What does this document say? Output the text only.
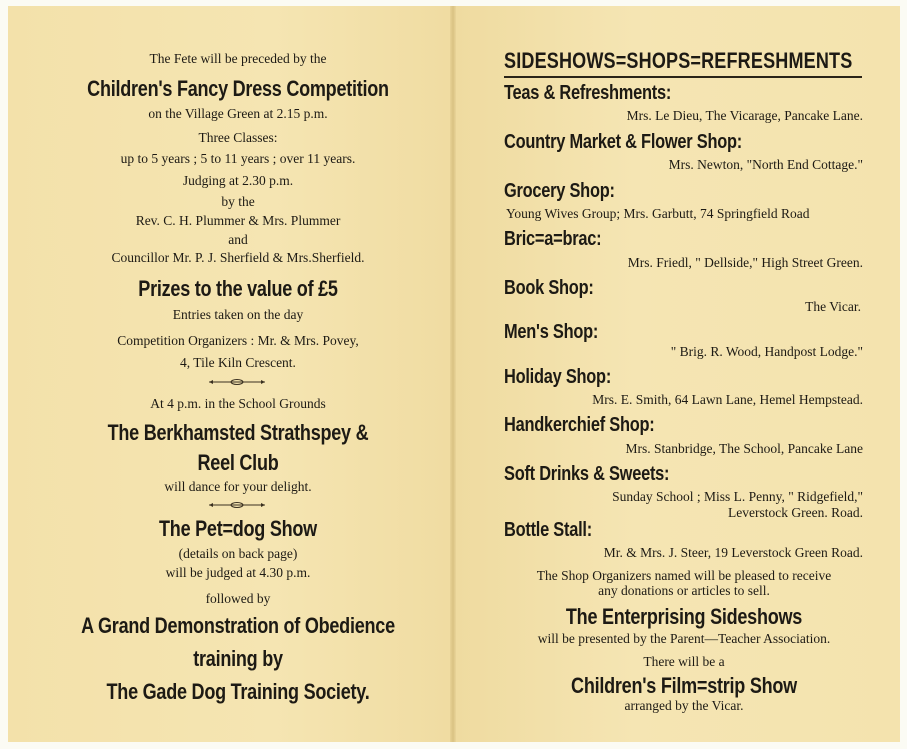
The Fete will be preceded by the
Children's Fancy Dress Competition
on the Village Green at 2.15 p.m.
Three Classes:
up to 5 years ; 5 to 11 years ; over 11 years.
Judging at 2.30 p.m.
by the
Rev. C. H. Plummer & Mrs. Plummer
and
Councillor Mr. P. J. Sherfield & Mrs.Sherfield.
Prizes to the value of £5
Entries taken on the day
Competition Organizers : Mr. & Mrs. Povey,
4, Tile Kiln Crescent.
At 4 p.m. in the School Grounds
The Berkhamsted Strathspey &
Reel Club
will dance for your delight.
The Pet=dog Show
(details on back page)
will be judged at 4.30 p.m.
followed by
A Grand Demonstration of Obedience
training by
The Gade Dog Training Society.
SIDESHOWS=SHOPS=REFRESHMENTS
Teas & Refreshments:
Mrs. Le Dieu, The Vicarage, Pancake Lane.
Country Market & Flower Shop:
Mrs. Newton, "North End Cottage."
Grocery Shop:
Young Wives Group; Mrs. Garbutt, 74 Springfield Road
Bric=a=brac:
Mrs. Friedl, " Dellside," High Street Green.
Book Shop:
The Vicar.
Men's Shop:
" Brig. R. Wood, Handpost Lodge."
Holiday Shop:
Mrs. E. Smith, 64 Lawn Lane, Hemel Hempstead.
Handkerchief Shop:
Mrs. Stanbridge, The School, Pancake Lane
Soft Drinks & Sweets:
Sunday School ; Miss L. Penny, " Ridgefield,"
Leverstock Green. Road.
Bottle Stall:
Mr. & Mrs. J. Steer, 19 Leverstock Green Road.
The Shop Organizers named will be pleased to receive
any donations or articles to sell.
The Enterprising Sideshows
will be presented by the Parent—Teacher Association.
There will be a
Children's Film=strip Show
arranged by the Vicar.
